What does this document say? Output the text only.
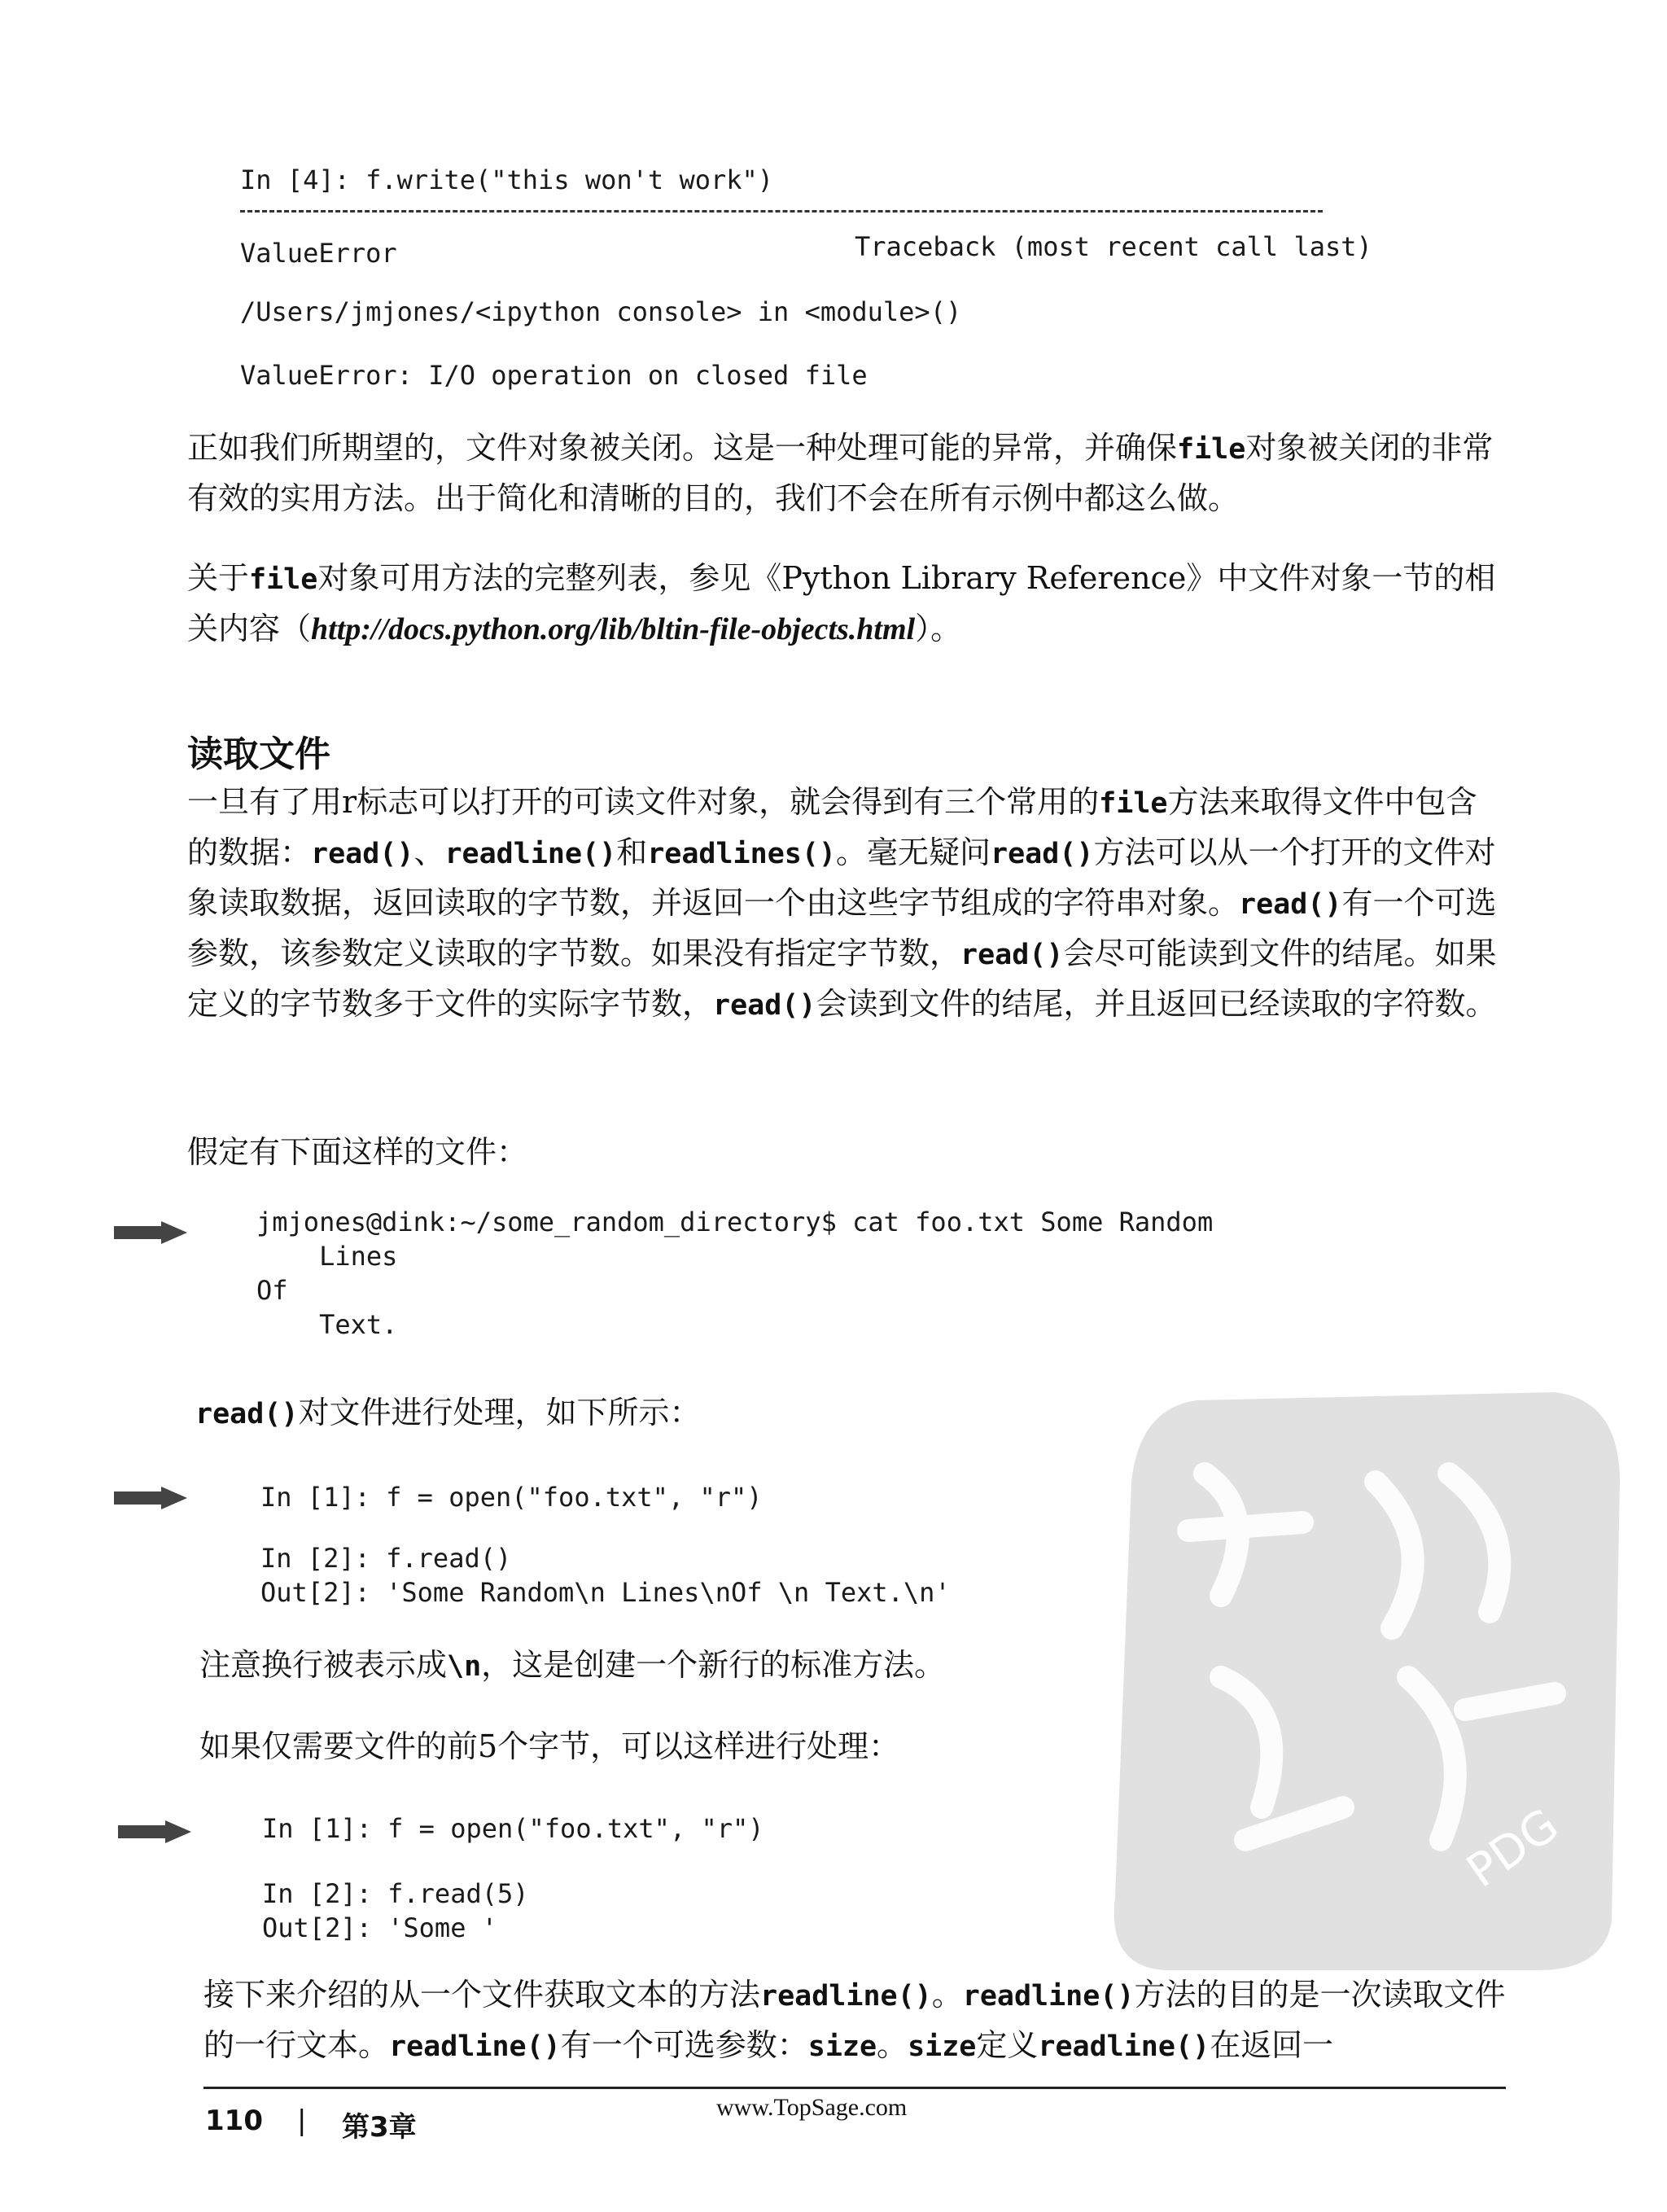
In [4]: f.write("this won't work")
ValueError	Traceback (most recent call last)
/Users/jmjones/<ipython console> in <module>()
ValueError: I/O operation on closed file

正如我们所期望的，文件对象被关闭。这是一种处理可能的异常，并确保file对象被关闭的非常有效的实用方法。出于简化和清晰的目的，我们不会在所有示例中都这么做。

关于file对象可用方法的完整列表，参见《Python Library Reference》中文件对象一节的相关内容（http://docs.python.org/lib/bltin-file-objects.html）。

读取文件

一旦有了用r标志可以打开的可读文件对象，就会得到有三个常用的file方法来取得文件中包含的数据：read()、readline()和readlines()。毫无疑问read()方法可以从一个打开的文件对象读取数据，返回读取的字节数，并返回一个由这些字节组成的字符串对象。read()有一个可选参数，该参数定义读取的字节数。如果没有指定字节数，read()会尽可能读到文件的结尾。如果定义的字节数多于文件的实际字节数，read()会读到文件的结尾，并且返回已经读取的字符数。

假定有下面这样的文件：

jmjones@dink:~/some_random_directory$ cat foo.txt Some Random
Lines
Of
Text.

read()对文件进行处理，如下所示：

In [1]: f = open("foo.txt", "r")
In [2]: f.read()
Out[2]: 'Some Random\n Lines\nOf \n Text.\n'

注意换行被表示成\n，这是创建一个新行的标准方法。

如果仅需要文件的前5个字节，可以这样进行处理：

In [1]: f = open("foo.txt", "r")
In [2]: f.read(5)
Out[2]: 'Some '

接下来介绍的从一个文件获取文本的方法readline()。readline()方法的目的是一次读取文件的一行文本。readline()有一个可选参数：size。size定义readline()在返回一

PDG
110 | 第3章
www.TopSage.com
